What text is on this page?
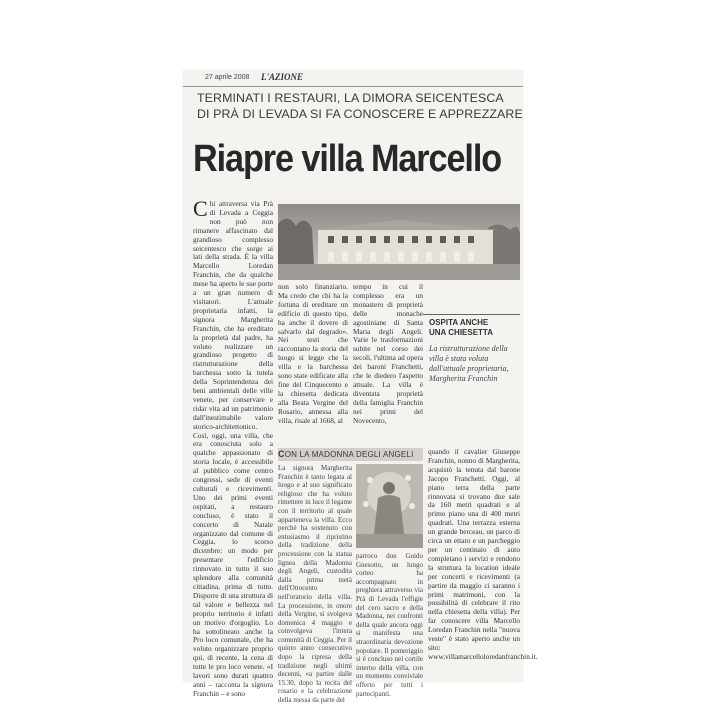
27 aprile 2008 L'AZIONE
TERMINATI I RESTAURI, LA DIMORA SEICENTESCA
DI PRÀ DI LEVADA SI FA CONOSCERE E APPREZZARE
Riapre villa Marcello
Chi attraversa via Prà di Levada a Ceggia non può non rimanere affascinato dal grandioso complesso seicentesco che sorge ai lati della strada. È la villa Marcello Loredan Franchin, che da qualche mese ha aperto le sue porte a un gran numero di visitatori. L'attuale proprietaria infatti, la signora Margherita Franchin, che ha ereditato la proprietà dal padre, ha voluto realizzare un grandioso progetto di ristrutturazione della barchessa sotto la tutela della Soprintendenza dei beni ambientali delle ville venete, per conservare e ridar vita ad un patrimonio dall'inestimabile valore storico-architettonico. Così, oggi, una villa, che era conosciuta solo a qualche appassionato di storia locale, è accessibile al pubblico come centro congressi, sede di eventi culturali e ricevimenti. Uno dei primi eventi ospitati, a restauro concluso, è stato il concerto di Natale organizzato dal comune di Ceggia, lo scorso dicembre: un modo per presentare l'edificio rinnovato in tutto il suo splendore alla comunità cittadina, prima di tutto. Disporre di una struttura di tal valore e bellezza nel proprio territorio è infatti un motivo d'orgoglio. Lo ha sottolineato anche la Pro loco comunale, che ha voluto organizzare proprio qui, di recente, la cena di tutte le pro loco venete. «I lavori sono durati quattro anni – racconta la signora Franchin – e sono
non solo finanziario. Ma credo che chi ha la fortuna di ereditare un edificio di questo tipo, ha anche il dovere di salvarlo dal degrado». Nei testi che raccontano la storia del luogo si legge che la villa e la barchessa sono state edificate alla fine del Cinquecento e la chiesetta dedicata alla Beata Vergine del Rosario, annessa alla villa, risale al 1668, al
tempo in cui il complesso era un monastero di proprietà delle monache agostiniane di Santa Maria degli Angeli. Varie le trasformazioni subite nel corso dei secoli, l'ultima ad opera dei baroni Franchetti, che le diedero l'aspetto attuale. La villa è diventata proprietà della famiglia Franchin nei primi del Novecento,
OSPITA ANCHE
UNA CHIESETTA
La ristrutturazione della villa è stata voluta dall'attuale proprietaria, Margherita Franchin
CON LA MADONNA DEGLI ANGELI
La signora Margherita Franchin è tanto legata al luogo e al suo significato religioso che ha voluto rimettere in luce il legame con il territorio al quale apparteneva la villa. Ecco perché ha sostenuto con entusiasmo il ripristino della tradizione della processione con la statua lignea della Madonna degli Angeli, custodita dalla prima metà dell'Ottocento nell'oratorio della villa. La processione, in onore della Vergine, si svolgeva domenica 4 maggio e coinvolgeva l'intera comunità di Ceggia. Per il quinto anno consecutivo dopo la ripresa della tradizione negli ultimi decenni, «a partire dalle 15.30, dopo la recita del rosario e la celebrazione della messa da parte del
parroco don Guido Gnesotto, un lungo corteo ha accompagnato in preghiera attraverso via Prà di Levada l'effigie del cero sacro e della Madonna, nei confronti della quale ancora oggi si manifesta una straordinaria devozione popolare. Il pomeriggio si è concluso nel cortile interno della villa, con un momento conviviale offerto per tutti i partecipanti.
quando il cavalier Giuseppe Franchin, nonno di Margherita, acquistò la tenuta dal barone Jacopo Franchetti. Oggi, al piano terra della parte rinnovata si trovano due sale da 160 metri quadrati e al primo piano una di 400 metri quadrati. Una terrazza esterna un grande berceau, un parco di circa un ettaro e un parcheggio per un centinaio di auto completano i servizi e rendono la struttura la location ideale per concerti e ricevimenti (a partire da maggio ci saranno i primi matrimoni, con la possibilità di celebrare il rito nella chiesetta della villa). Per far conoscere villa Marcello Loredan Franchin nella "nuova veste" è stato aperto anche un sito: www.villamarcelloloredanfranchin.it.
